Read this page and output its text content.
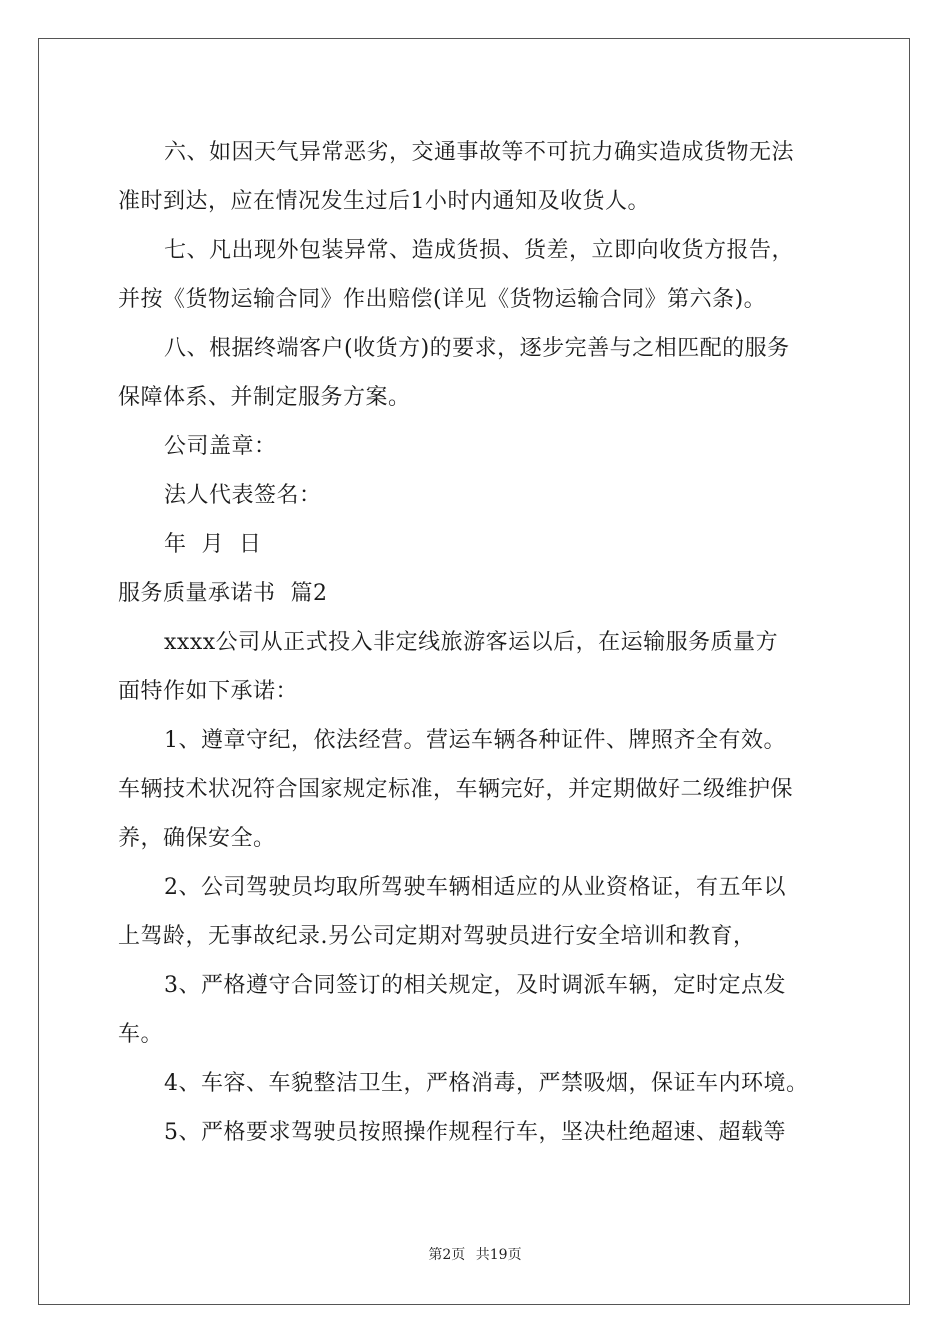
六、如因天气异常恶劣，交通事故等不可抗力确实造成货物无法
准时到达，应在情况发生过后1小时内通知及收货人。
七、凡出现外包装异常、造成货损、货差，立即向收货方报告，
并按《货物运输合同》作出赔偿(详见《货物运输合同》第六条)。
八、根据终端客户(收货方)的要求，逐步完善与之相匹配的服务
保障体系、并制定服务方案。
公司盖章：
法人代表签名：
年  月  日
服务质量承诺书  篇2
xxxx公司从正式投入非定线旅游客运以后，在运输服务质量方
面特作如下承诺：
1、遵章守纪，依法经营。营运车辆各种证件、牌照齐全有效。
车辆技术状况符合国家规定标准，车辆完好，并定期做好二级维护保
养，确保安全。
2、公司驾驶员均取所驾驶车辆相适应的从业资格证，有五年以
上驾龄，无事故纪录.另公司定期对驾驶员进行安全培训和教育，
3、严格遵守合同签订的相关规定，及时调派车辆，定时定点发
车。
4、车容、车貌整洁卫生，严格消毒，严禁吸烟，保证车内环境。
5、严格要求驾驶员按照操作规程行车，坚决杜绝超速、超载等
第2页 共19页
